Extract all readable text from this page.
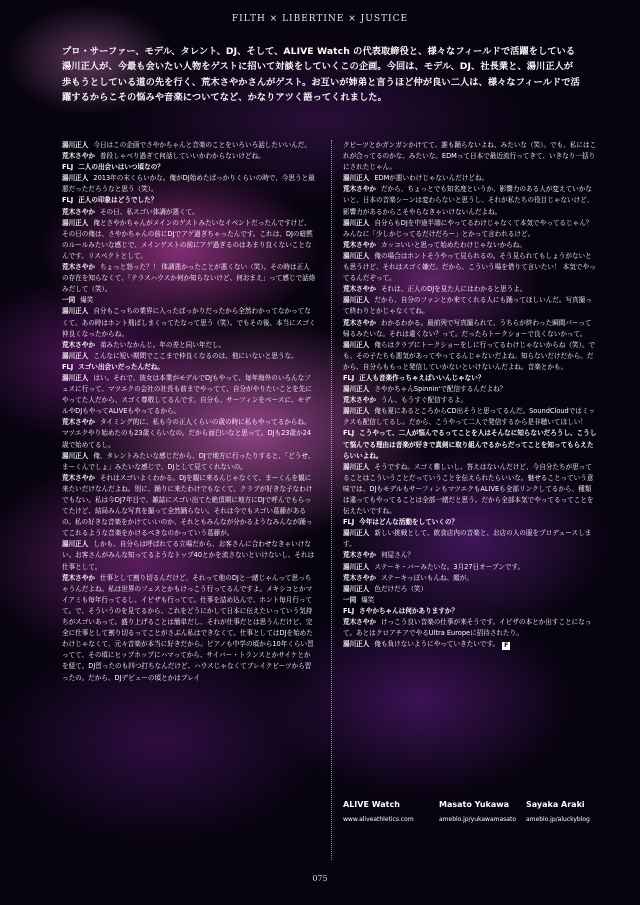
FILTH × LIBERTINE × JUSTICE
プロ・サーファー、モデル、タレント、DJ、そして、ALIVE Watch の代表取締役と、様々なフィールドで活躍をしている湯川正人が、今最も会いたい人物をゲストに招いて対談をしていくこの企画。今回は、モデル、DJ、社長業と、湯川正人が歩もうとしている道の先を行く、荒木さやかさんがゲスト。お互いが姉弟と言うほど仲が良い二人は、様々なフィールドで活躍するからこその悩みや音楽についてなど、かなりアツく語ってくれました。

湯川正人 今日はこの企画でさやかちゃんと音楽のことをいろいろ話したいいんだ。

荒木さやか 普段しゃべり過ぎて何話していいかわからないけどね。

FLJ 二人の出会いはいつ頃なの？

湯川正人 2013年の末くらいかな。俺がDJ始めたばっかりくらいの時で、今思うと最悪だっただろうなと思う（笑）。

FLJ 正人の印象はどうでした？

荒木さやか その日、私スゴい体調が悪くて。

湯川正人 俺とさやかちゃんがメインのゲストみたいなイベントだったんですけど、その日の俺は、さやかちゃんの前にDJでアゲ過ぎちゃったんです。これは、DJの暗黙のルールみたいな感じで、メインゲストの前にアゲ過ぎるのはあまり良くないことなんです。リスペクトとして。

荒木さやか ちょっと怒った？！ 体調悪かったことが悪くない（笑）。その時は正人の存在を知らなくて、「テラスハウスか何か知らないけど、何おまえ」って感じで話絡みだして（笑）。

一同 爆笑

湯川正人 自分もこっちの業界に入ったばっかりだったから全然わかってなかってなくて、あの時はホント飛ばしまくってたなって思う（笑）。でもその後、本当にスゴく仲良くなったからね。

荒木さやか 弟みたいなかんじ。年の差と同い年だし。

湯川正人 こんなに短い期間でここまで仲良くなるのは、他にいないと思うな。

FLJ スゴい出会いだったんだね。

湯川正人 はい。それで、彼女は本業がモデルでDJもやって、毎年海外のいろんなフェスに行って、マツエクの会社の社長も前までやってて、自分がやりたいことを先にやってた人だから、スゴく尊敬してるんです。自分も、サーフィンをベースに、モデルやDJもやってALIVEもやってるから。

荒木さやか タイミング的に、私も今の正人くらいの歳の時に私もやってるからね。マツエクやり始めたのも23歳くらいなの。だから面白いなと思って。DJも23歳か24歳で始めてるし。

湯川正人 俺、タレントみたいな感じだから、DJで地方に行ったりすると、「どうせ、まーくんでしょ」みたいな感じで、DJとして見てくれないの。

荒木さやか それはスゴいよくわかる。DJを観に来るんじゃなくて、まーくんを観に来たいだけなんだよね。別に、踊りに来たわけでもなくて、クラブが好きな子なわけでもない。私は今DJ7年目で、雑誌にスゴい出てた絶頂期に地方にDJで呼んでもらってたけど、結局みんな写真を撮って全然踊らない。それは今でもスゴい葛藤があるの。私の好きな音楽をかけていいのか、それともみんなが分かるようなみんなが踊ってこれるような音楽をかけるべきなのかっていう葛藤が。

湯川正人 しかも、自分らは呼ばれてる立場だから、お客さんに合わせなきゃいけない。お客さんがみんな知ってるようなトップ40とかを流さないといけないし、それは仕事として。

荒木さやか 仕事として割り切るんだけど、それって他のDJと一緒じゃんって思っちゃうんだよね。私は世界のフェスとかもけっこう行ってるんですよ。メキシコとかマイアミも毎年行ってるし、イビザも行ってて。仕事を詰め込んで、ホント毎月行ってて。で、そういうのを見てるから、これをどうにかして日本に伝えたいっていう気持ちがスゴいあって。盛り上げることは簡単だし、それが仕事だとは思うんだけど、完全に仕事として割り切るってことがさぶん私はできなくて。仕事としてはDJを始めたわけじゃなくて、元々音楽が本当に好きだから。ピアノも中学の頃から10年くらい習ってて、その頃にヒップホップにハマってから、サイバー・トランスとかサイケとかを経て。DJ習ったのも四つ打ちなんだけど、ハウスじゃなくてブレイクビーツから習ったの。だから、DJデビューの頃とかはブレイ

クビーツとかガンガンかけてて、誰も踊らないよね、みたいな（笑）。でも、私にはこれが合ってるのかな、みたいな。EDMって日本で最近流行ってきて、いきなり一括りにされたじゃん。

湯川正人 EDMが悪いわけじゃないんだけどね。

荒木さやか だから、ちょっとでも知名度というか、影響力のある人が変えていかないと、日本の音楽シーンは変わらないと思うし、それが私たちの役目じゃないけど、影響力があるからこそやらなきゃいけないんだよね。

湯川正人 自分らもDJを中途半端にやってるわけじゃなくて本気でやってるじゃん？ みんなに「少しかじってるだけだろー」とかって言われるけど。

荒木さやか カッコいいと思って始めたわけじゃないからね。

湯川正人 俺の場合はホントそうやって見られるの。そう見られてもしょうがないとも思うけど、それはスゴく嫌だ。だから、こういう場を借りて言いたい！ 本気でやってるんだぞって。

荒木さやか それは、正人のDJを見た人にはわかると思うよ。

湯川正人 だから、自分のファンとか来てくれる人にも踊ってほしいんだ。写真撮って終わりとかじゃなくてね。

荒木さやか わかるわかる。最前列で写真撮られて、うちらが終わった瞬間パーって帰るみたいな。それは違くない？って。だったらトークショーで良くないかって。

湯川正人 俺らはクラブにトークショーをしに行ってるわけじゃないからね（笑）。でも、その子たちも悪気があってやってるんじゃないだよね。知らないだけだから。だから、自分らももっと発信していかないといけないんだよね。音楽とかも。

FLJ 正人も音楽作っちゃえばいいんじゃない？

湯川正人 さやかちゃんSpinnin'で配信するんだよね？

荒木さやか うん、もうすぐ配信するよ。

湯川正人 俺も夏にあるところからCD出そうと思ってるんだ。SoundCloudではミックスも配信してるし。だから、こうやって二人で発信するから是非聴いてほしい！

FLJ こうやって、二人が悩んでるってことを人はそんなに知らないだろうし、こうして悩んでる理由は音楽が好きで真剣に取り組んでるからだってことを知ってもらえたらいいよね。

湯川正人 そうですね。スゴく難しいし、答えはないんだけど、今自分たちが思ってることはこういうことだっていうことを伝えられたらいいな。魅せることっていう意味では、DJもモデルもサーフィンもマツエクもALIVEも全部リンクしてるから、種類は違ってもやってることは全部一緒だと思う。だから全部本気でやってるってことを伝えたいですね。

FLJ 今年はどんな活動をしていくの？

湯川正人 新しい挑戦として、飲食店内の音楽と、お店の人の服をプロデュースします。

荒木さやか 何屋さん？

湯川正人 ステーキ・バーみたいな。3月27日オープンです。

荒木さやか ステーキっぽいもんね、顔が。

湯川正人 色だけだろ（笑）

一同 爆笑

FLJ さやかちゃんは何かありますか？

荒木さやか けっこう良い音楽の仕事が来そうです。イビザの本とか出すことになって。あとはクロアチアでやるUltra Europeに招待されたり。

湯川正人 俺も負けないようにやっていきたいです。 F

ALIVE Watch
www.aliveathletics.com
Masato Yukawa
ameblo.jp/yukawamasato
Sayaka Araki
ameblo.jp/aluckyblog
075
